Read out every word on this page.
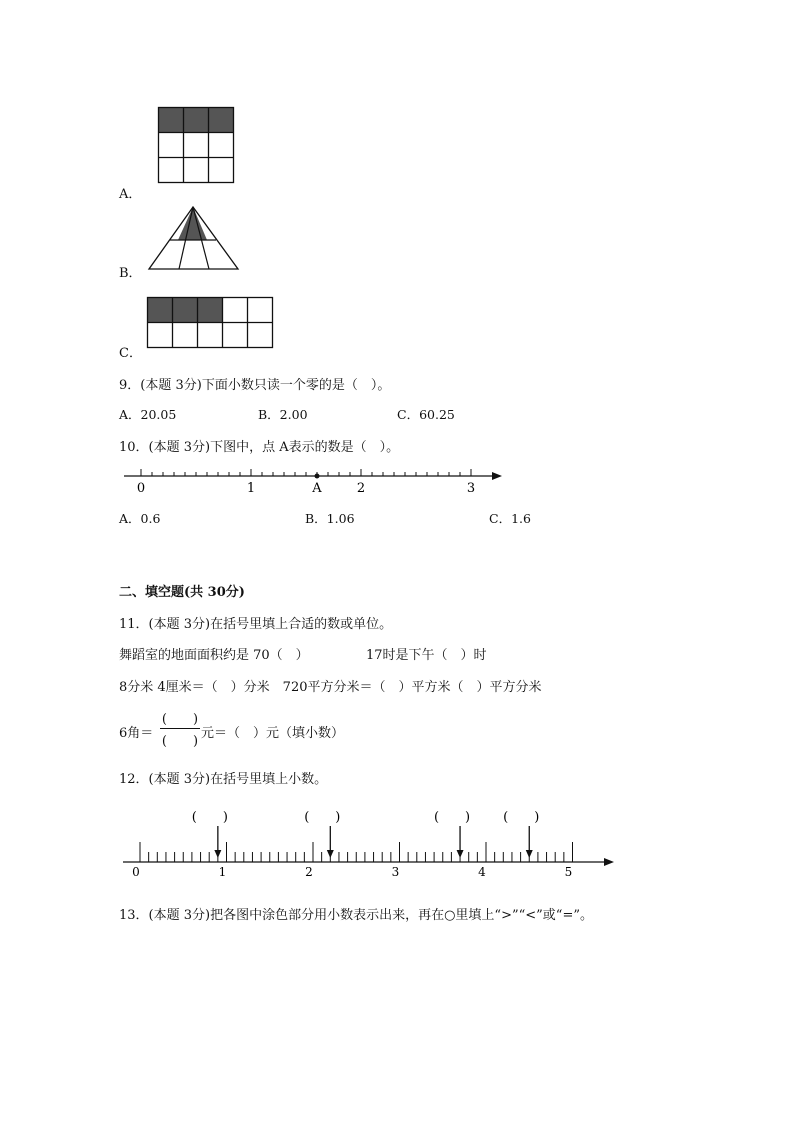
A．
B．
C．
9．(本题 3分)下面小数只读一个零的是（　）。
A．20.05	B．2.00	C．60.25
10．(本题 3分)下图中，点 A表示的数是（　）。
0	1	A	2	3
A．0.6	B．1.06	C．1.6
二、填空题(共 30分)
11．(本题 3分)在括号里填上合适的数或单位。
舞蹈室的地面面积约是 70（　）	17时是下午（　）时
8分米 4厘米＝（　）分米　720平方分米＝（　）平方米（　）平方分米
6角＝
(　　)
(　　)
元＝（　）元（填小数）
12．(本题 3分)在括号里填上小数。
0	1	2	3	4	5
(　　)	(　　)	(　　)	(　　)
13．(本题 3分)把各图中涂色部分用小数表示出来，再在○里填上“>”“<”或“=”。
